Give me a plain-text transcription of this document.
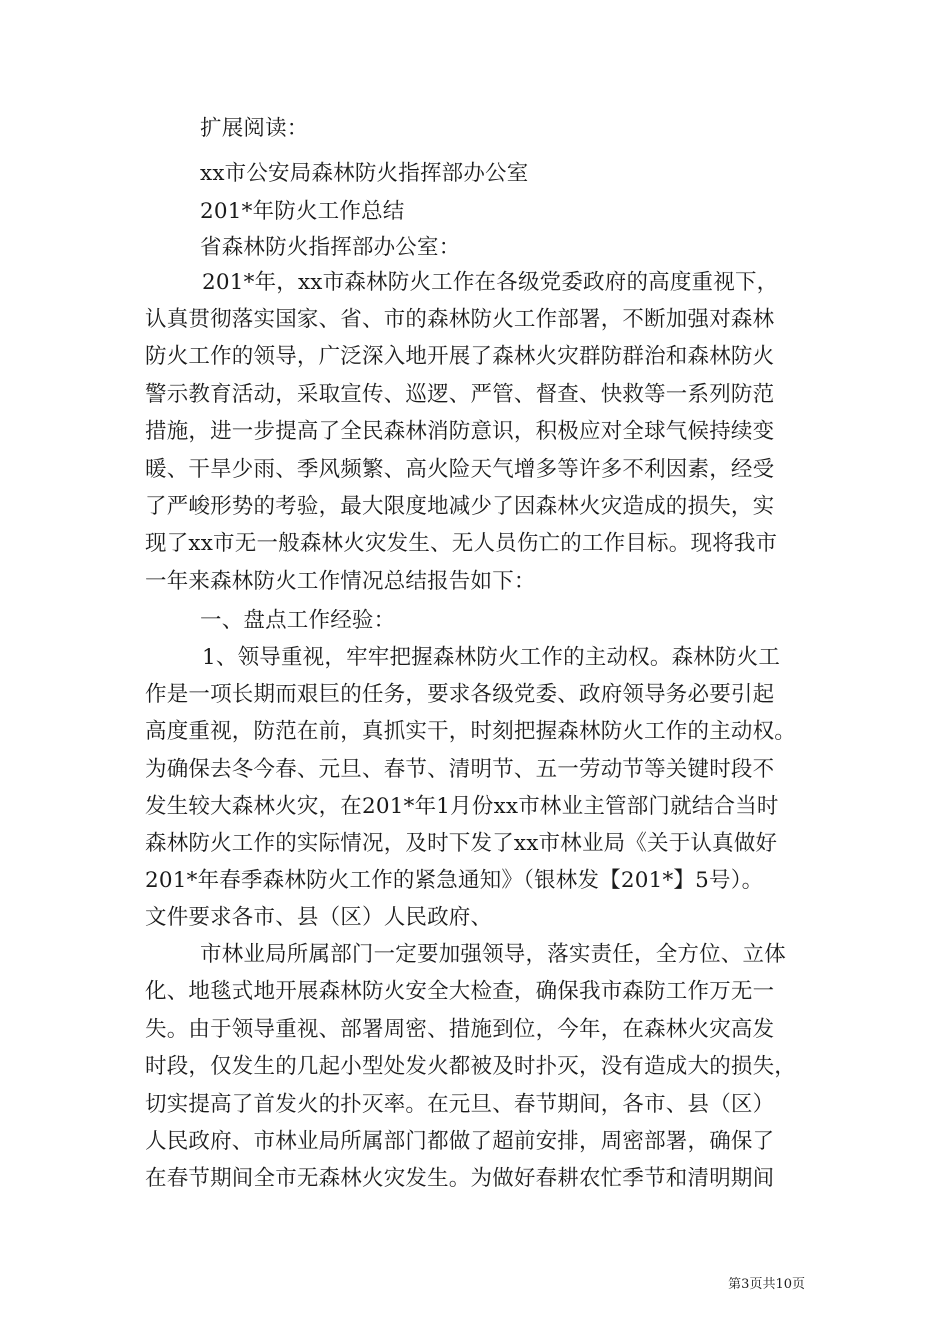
扩展阅读：
xx市公安局森林防火指挥部办公室
201*年防火工作总结
省森林防火指挥部办公室：
201*年，xx市森林防火工作在各级党委政府的高度重视下，
认真贯彻落实国家、省、市的森林防火工作部署，不断加强对森林
防火工作的领导，广泛深入地开展了森林火灾群防群治和森林防火
警示教育活动，采取宣传、巡逻、严管、督查、快救等一系列防范
措施，进一步提高了全民森林消防意识，积极应对全球气候持续变
暖、干旱少雨、季风频繁、高火险天气增多等许多不利因素，经受
了严峻形势的考验，最大限度地减少了因森林火灾造成的损失，实
现了xx市无一般森林火灾发生、无人员伤亡的工作目标。现将我市
一年来森林防火工作情况总结报告如下：
一、盘点工作经验：
1、领导重视，牢牢把握森林防火工作的主动权。森林防火工
作是一项长期而艰巨的任务，要求各级党委、政府领导务必要引起
高度重视，防范在前，真抓实干，时刻把握森林防火工作的主动权。
为确保去冬今春、元旦、春节、清明节、五一劳动节等关键时段不
发生较大森林火灾，在201*年1月份xx市林业主管部门就结合当时
森林防火工作的实际情况，及时下发了xx市林业局《关于认真做好
201*年春季森林防火工作的紧急通知》（银林发【201*】5号）。
文件要求各市、县（区）人民政府、
市林业局所属部门一定要加强领导，落实责任，全方位、立体
化、地毯式地开展森林防火安全大检查，确保我市森防工作万无一
失。由于领导重视、部署周密、措施到位，今年，在森林火灾高发
时段，仅发生的几起小型处发火都被及时扑灭，没有造成大的损失，
切实提高了首发火的扑灭率。在元旦、春节期间，各市、县（区）
人民政府、市林业局所属部门都做了超前安排，周密部署，确保了
在春节期间全市无森林火灾发生。为做好春耕农忙季节和清明期间
第3页共10页
